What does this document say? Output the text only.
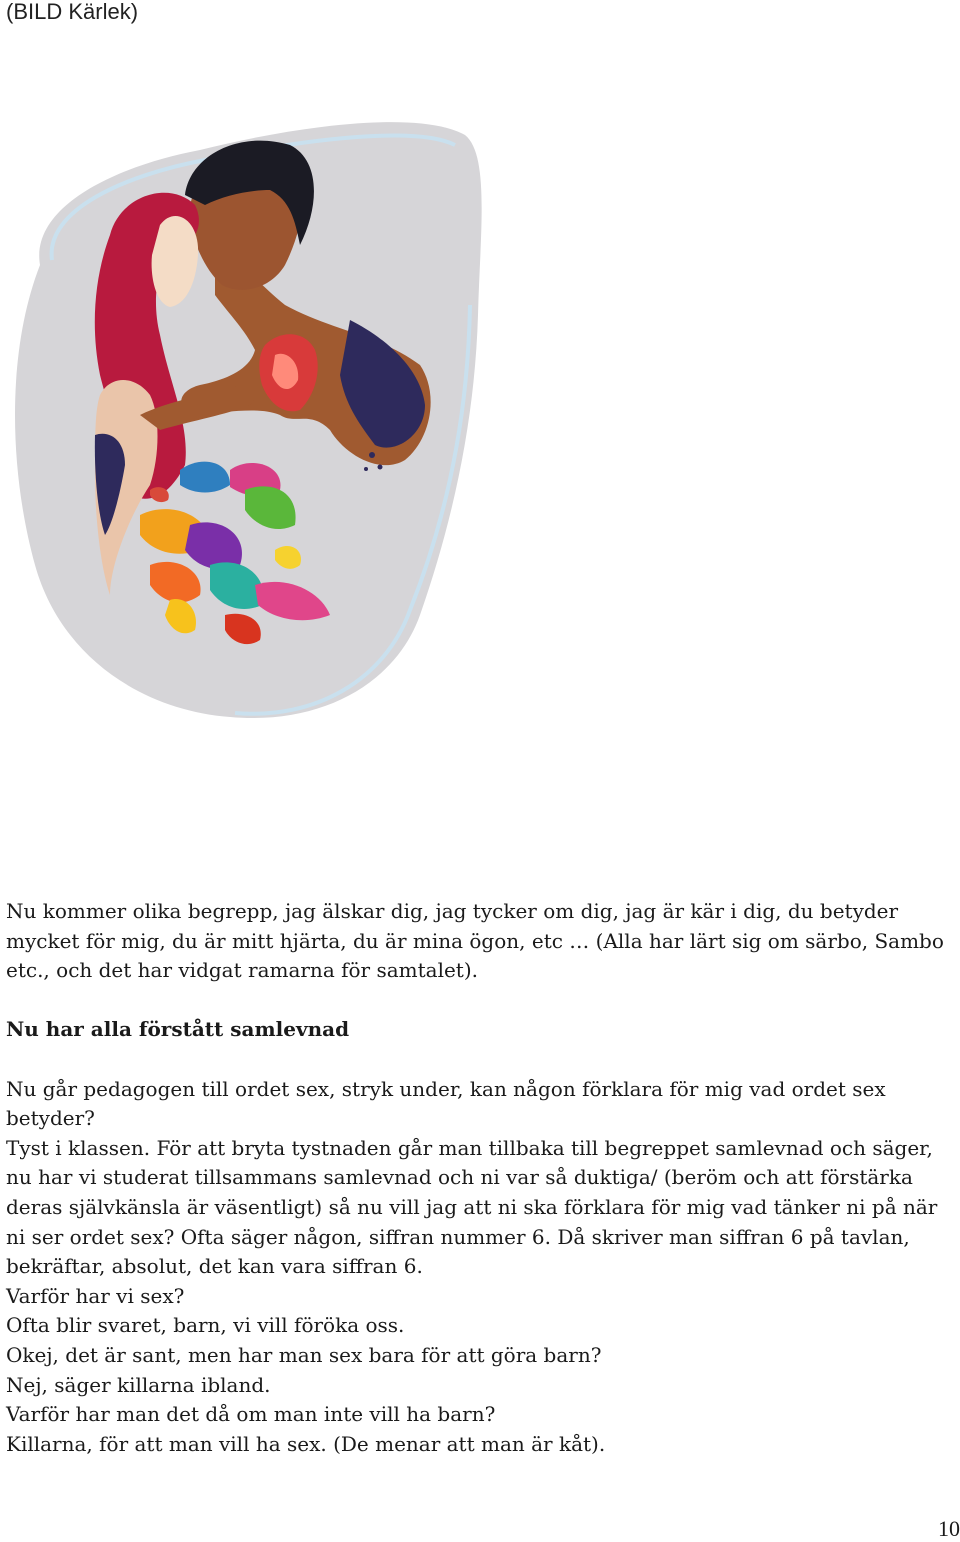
(BILD Kärlek)

Nu kommer olika begrepp, jag älskar dig, jag tycker om dig, jag är kär i dig, du betyder mycket för mig, du är mitt hjärta, du är mina ögon, etc … (Alla har lärt sig om särbo, Sambo etc., och det har vidgat ramarna för samtalet).

Nu har alla förstått samlevnad

Nu går pedagogen till ordet sex, stryk under, kan någon förklara för mig vad ordet sex betyder?

Tyst i klassen. För att bryta tystnaden går man tillbaka till begreppet samlevnad och säger, nu har vi studerat tillsammans samlevnad och ni var så duktiga/ (beröm och att förstärka deras självkänsla är väsentligt) så nu vill jag att ni ska förklara för mig vad tänker ni på när ni ser ordet sex? Ofta säger någon, siffran nummer 6. Då skriver man siffran 6 på tavlan, bekräftar, absolut, det kan vara siffran 6.

Varför har vi sex?

Ofta blir svaret, barn, vi vill föröka oss.

Okej, det är sant, men har man sex bara för att göra barn?

Nej, säger killarna ibland.

Varför har man det då om man inte vill ha barn?

Killarna, för att man vill ha sex. (De menar att man är kåt).

10
